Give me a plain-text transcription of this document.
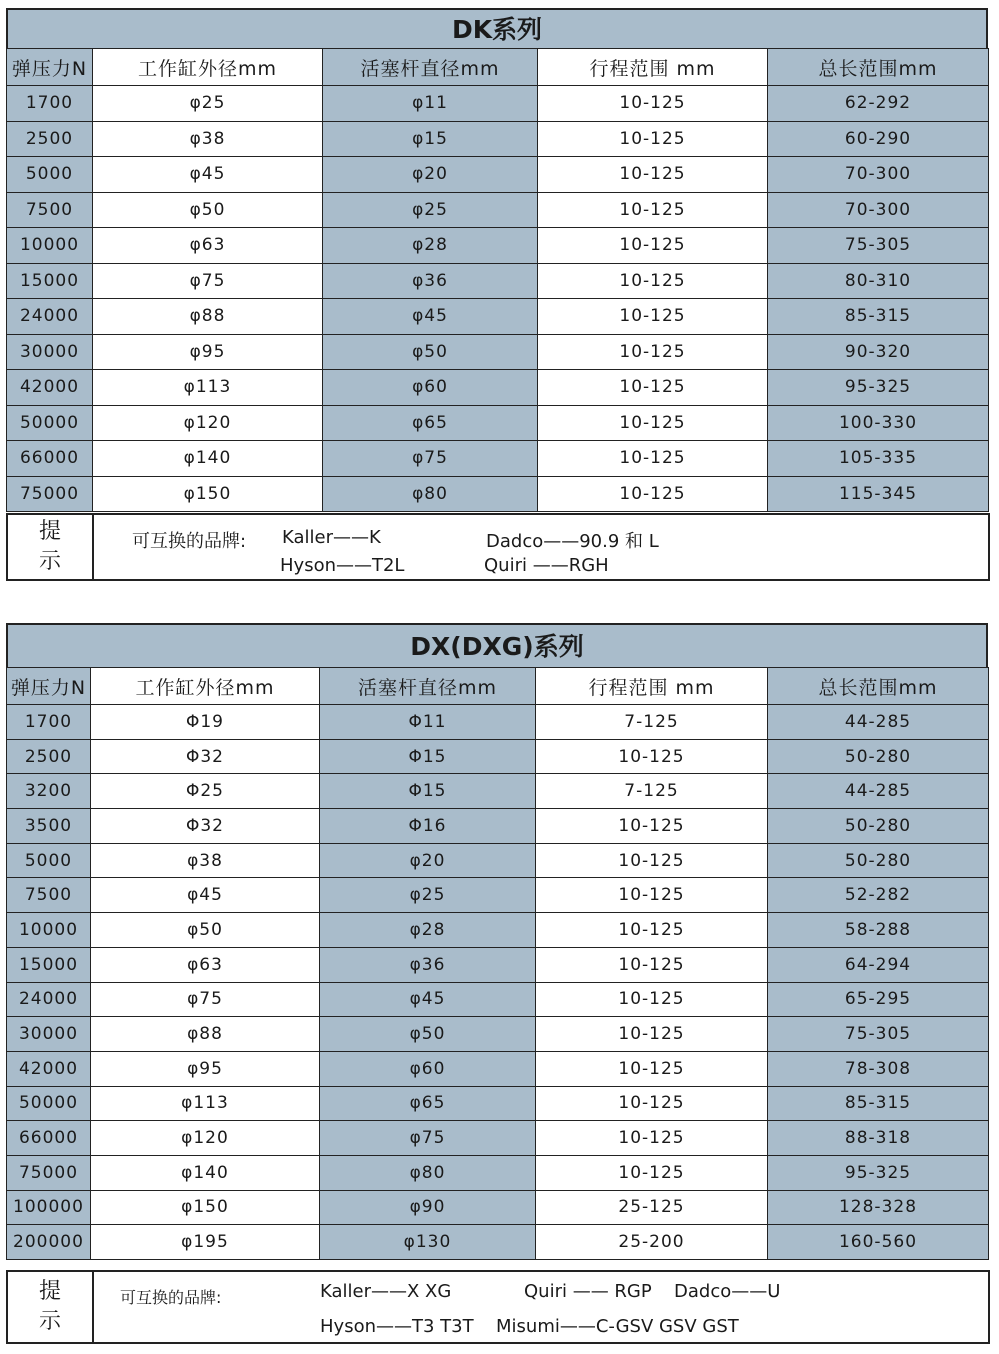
DK系列
弹压力N	工作缸外径mm	活塞杆直径mm	行程范围 mm	总长范围mm
1700	φ25	φ11	10-125	62-292
2500	φ38	φ15	10-125	60-290
5000	φ45	φ20	10-125	70-300
7500	φ50	φ25	10-125	70-300
10000	φ63	φ28	10-125	75-305
15000	φ75	φ36	10-125	80-310
24000	φ88	φ45	10-125	85-315
30000	φ95	φ50	10-125	90-320
42000	φ113	φ60	10-125	95-325
50000	φ120	φ65	10-125	100-330
66000	φ140	φ75	10-125	105-335
75000	φ150	φ80	10-125	115-345
提
示
可互换的品牌: Kaller——K	Dadco——90.9 和 L
Hyson——T2L	Quiri ——RGH
DX(DXG)系列
弹压力N	工作缸外径mm	活塞杆直径mm	行程范围 mm	总长范围mm
1700	Φ19	Φ11	7-125	44-285
2500	Φ32	Φ15	10-125	50-280
3200	Φ25	Φ15	7-125	44-285
3500	Φ32	Φ16	10-125	50-280
5000	φ38	φ20	10-125	50-280
7500	φ45	φ25	10-125	52-282
10000	φ50	φ28	10-125	58-288
15000	φ63	φ36	10-125	64-294
24000	φ75	φ45	10-125	65-295
30000	φ88	φ50	10-125	75-305
42000	φ95	φ60	10-125	78-308
50000	φ113	φ65	10-125	85-315
66000	φ120	φ75	10-125	88-318
75000	φ140	φ80	10-125	95-325
100000	φ150	φ90	25-125	128-328
200000	φ195	φ130	25-200	160-560
提
示
可互换的品牌:	Kaller——X XG	Quiri —— RGP Dadco——U
Hyson——T3 T3T Misumi——C-GSV GSV GST
